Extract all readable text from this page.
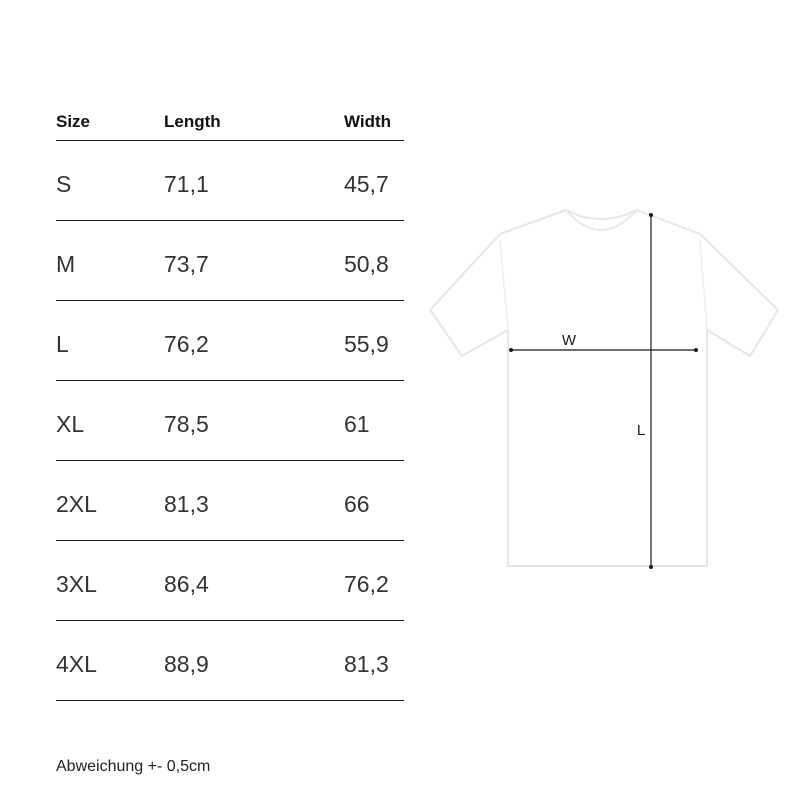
Size	Length	Width
S	71,1	45,7
M	73,7	50,8
L	76,2	55,9
XL	78,5	61
2XL	81,3	66
3XL	86,4	76,2
4XL	88,9	81,3
Abweichung +- 0,5cm
W
L
